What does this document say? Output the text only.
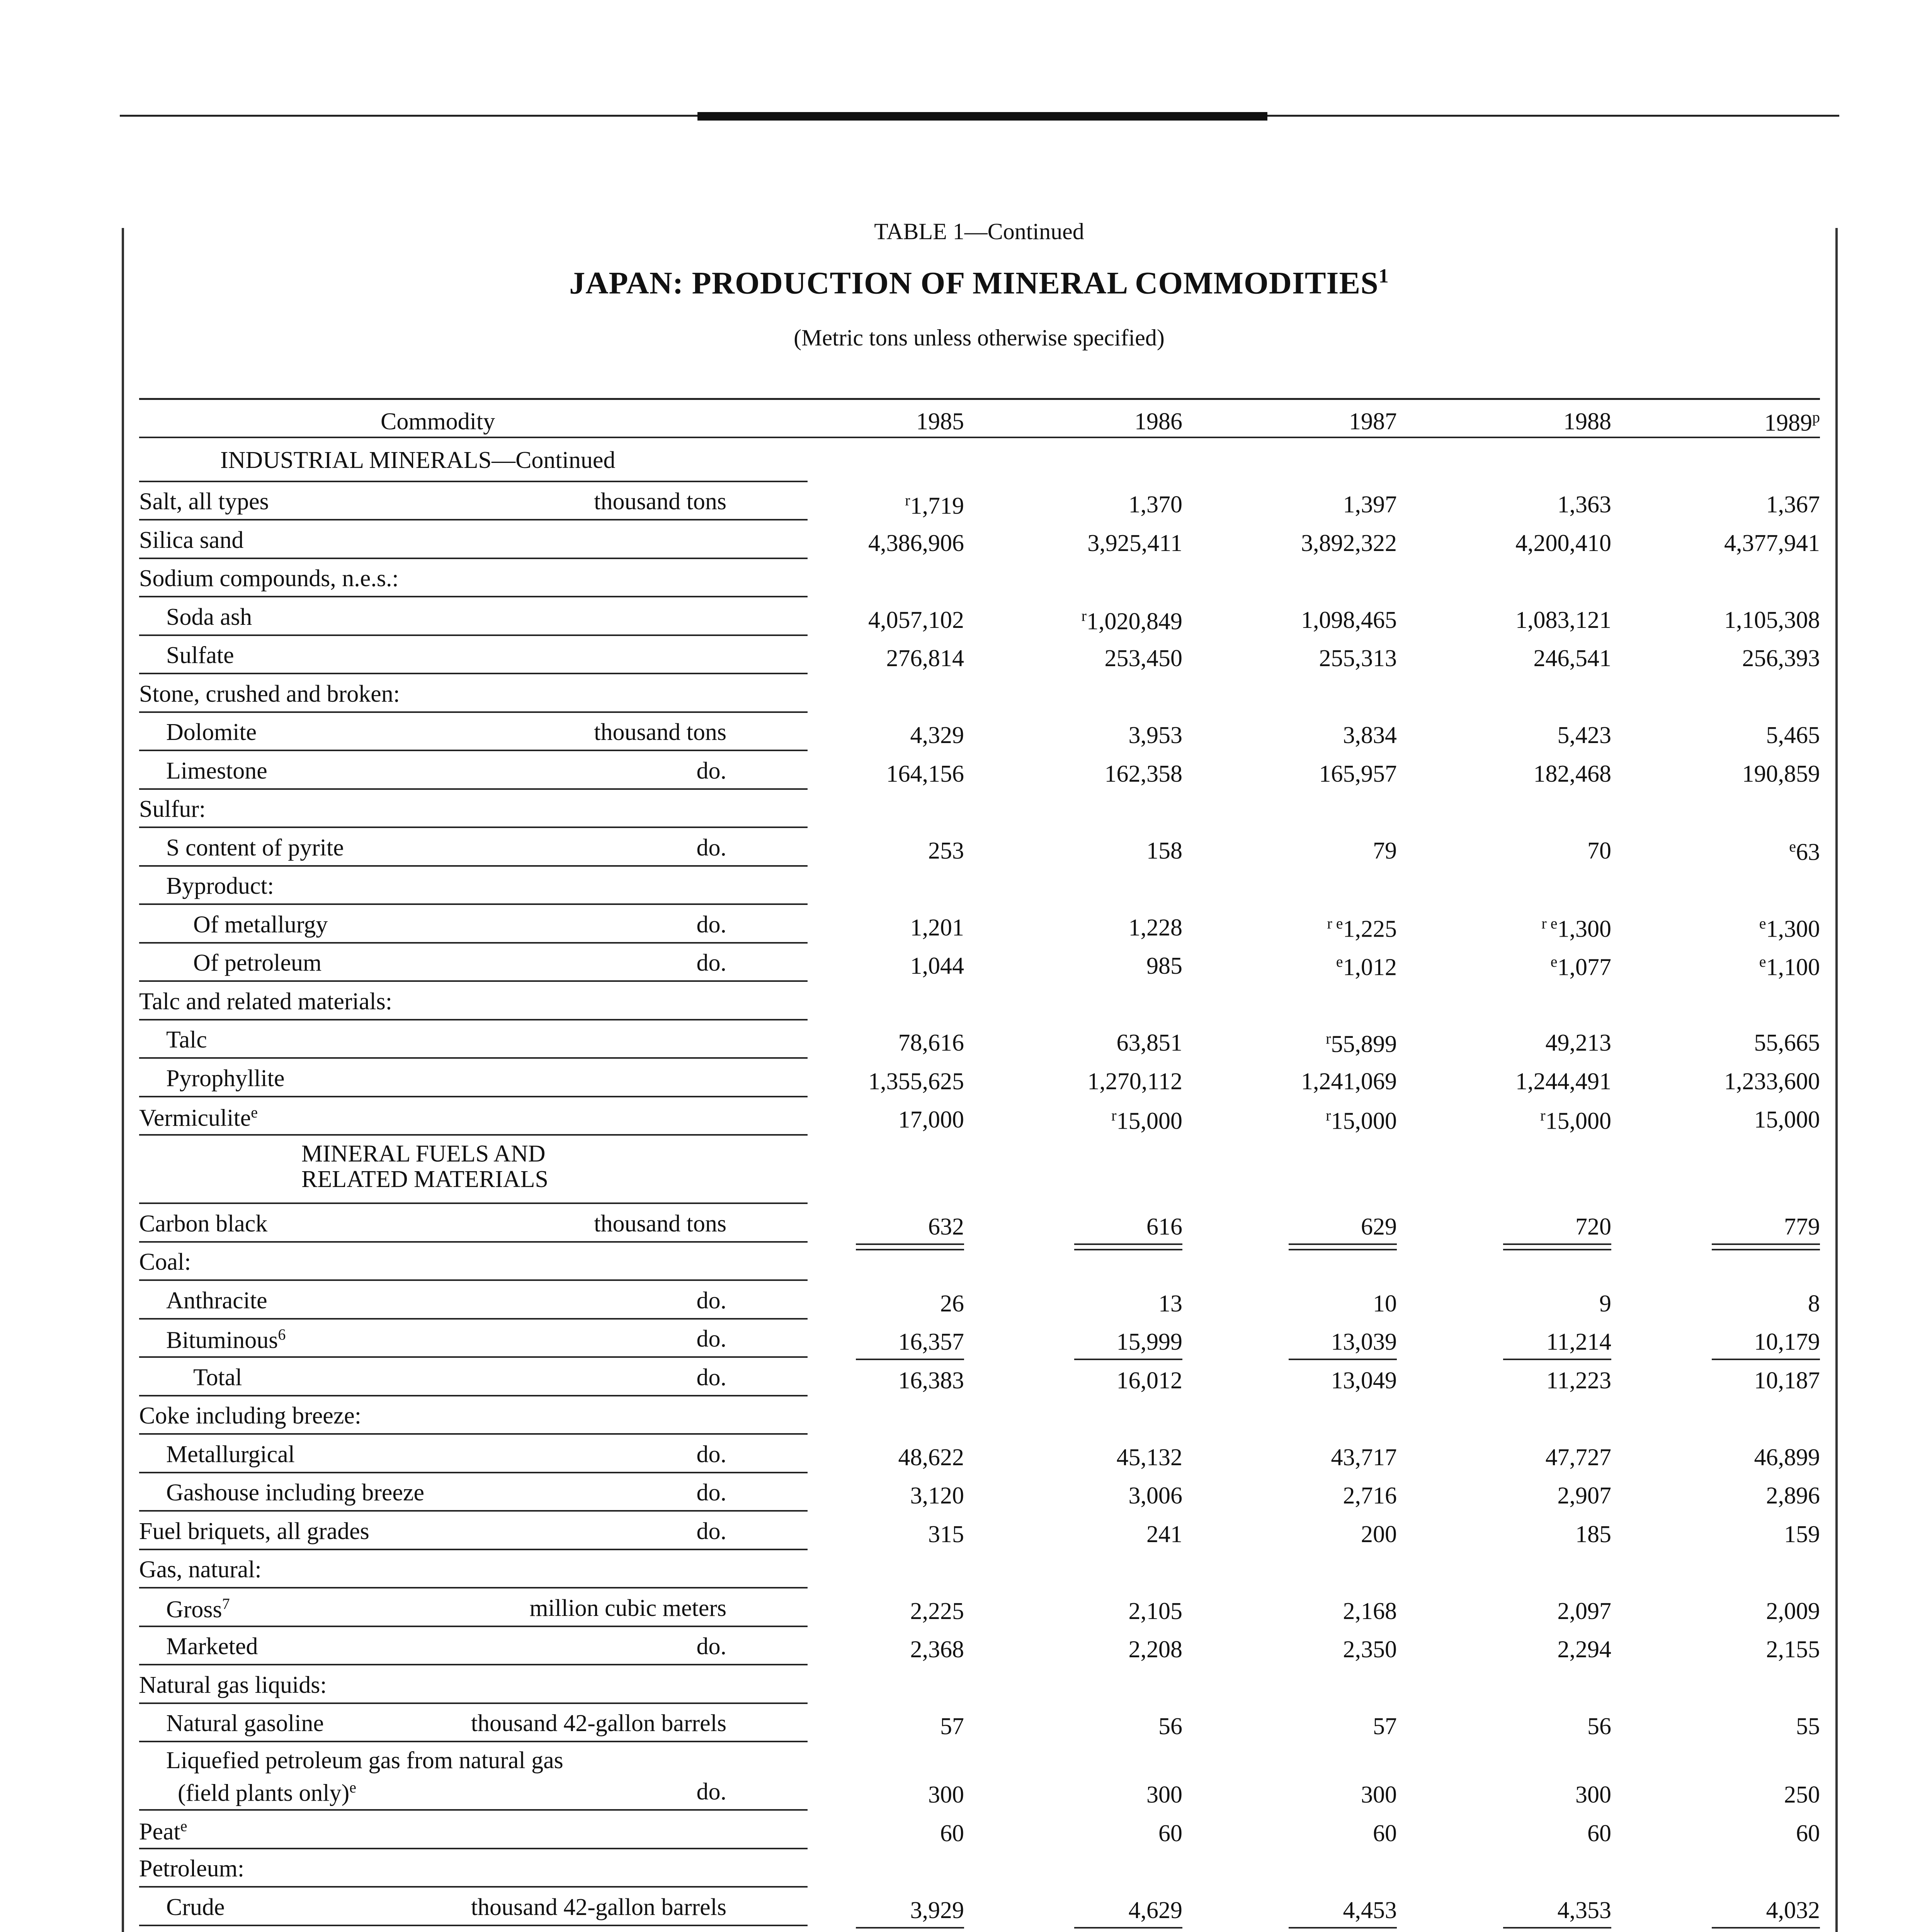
TABLE 1—Continued
JAPAN: PRODUCTION OF MINERAL COMMODITIES$^1$
(Metric tons unless otherwise specified)
Commodity	1985	1986	1987	1988	1989$^p$
INDUSTRIAL MINERALS—Continued
Salt, all types	thousand tons	$^r$1,719	1,370	1,397	1,363	1,367
Silica sand	4,386,906	3,925,411	3,892,322	4,200,410	4,377,941
Sodium compounds, n.e.s.:
Soda ash	4,057,102	$^r$1,020,849	1,098,465	1,083,121	1,105,308
Sulfate	276,814	253,450	255,313	246,541	256,393
Stone, crushed and broken:
Dolomite	thousand tons	4,329	3,953	3,834	5,423	5,465
Limestone	do.	164,156	162,358	165,957	182,468	190,859
Sulfur:
S content of pyrite	do.	253	158	79	70	$^e$63
Byproduct:
Of metallurgy	do.	1,201	1,228	$^{r e}$1,225	$^{r e}$1,300	$^e$1,300
Of petroleum	do.	1,044	985	$^e$1,012	$^e$1,077	$^e$1,100
Talc and related materials:
Talc	78,616	63,851	$^r$55,899	49,213	55,665
Pyrophyllite	1,355,625	1,270,112	1,241,069	1,244,491	1,233,600
Vermiculite$^e$	17,000	$^r$15,000	$^r$15,000	$^r$15,000	15,000
MINERAL FUELS AND
RELATED MATERIALS
Carbon black	thousand tons	632	616	629	720	779
Coal:
Anthracite	do.	26	13	10	9	8
Bituminous$^6$	do.	16,357	15,999	13,039	11,214	10,179
Total	do.	16,383	16,012	13,049	11,223	10,187
Coke including breeze:
Metallurgical	do.	48,622	45,132	43,717	47,727	46,899
Gashouse including breeze	do.	3,120	3,006	2,716	2,907	2,896
Fuel briquets, all grades	do.	315	241	200	185	159
Gas, natural:
Gross$^7$	million cubic meters	2,225	2,105	2,168	2,097	2,009
Marketed	do.	2,368	2,208	2,350	2,294	2,155
Natural gas liquids:
Natural gasoline	thousand 42-gallon barrels	57	56	57	56	55
Liquefied petroleum gas from natural gas
(field plants only)$^e$	do.	300	300	300	300	250
Peat$^e$	60	60	60	60	60
Petroleum:
Crude	thousand 42-gallon barrels	3,929	4,629	4,453	4,353	4,032
